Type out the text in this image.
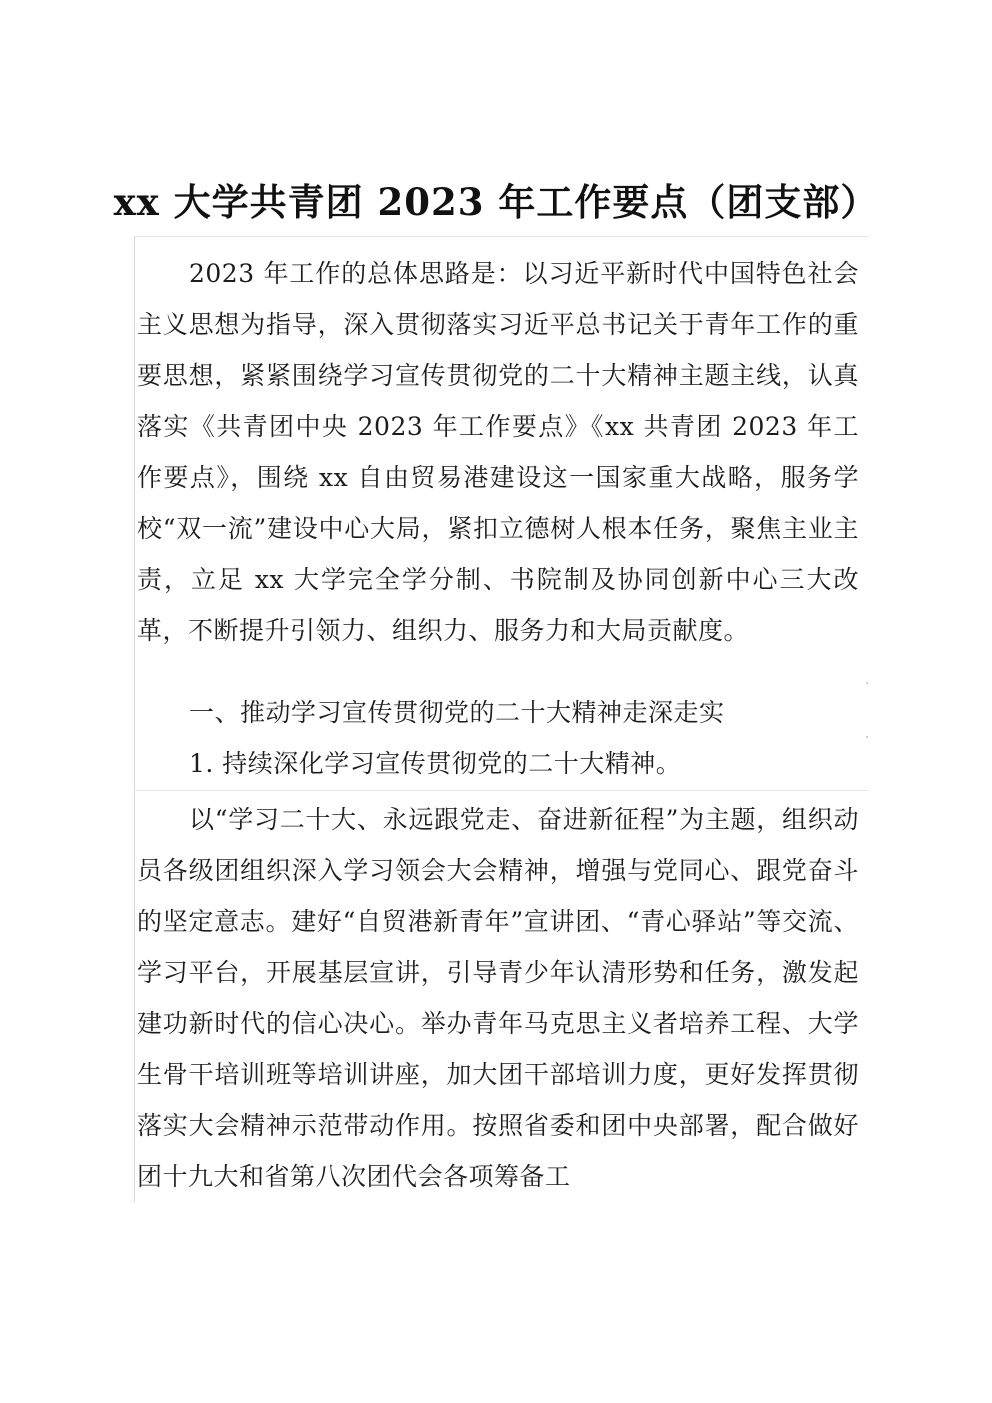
xx 大学共青团 2023 年工作要点（团支部）

2023 年工作的总体思路是：以习近平新时代中国特色社会主义思想为指导，深入贯彻落实习近平总书记关于青年工作的重要思想，紧紧围绕学习宣传贯彻党的二十大精神主题主线，认真落实《共青团中央 2023 年工作要点》《xx 共青团 2023 年工作要点》，围绕 xx 自由贸易港建设这一国家重大战略，服务学校“双一流”建设中心大局，紧扣立德树人根本任务，聚焦主业主责，立足 xx 大学完全学分制、书院制及协同创新中心三大改革，不断提升引领力、组织力、服务力和大局贡献度。

一、推动学习宣传贯彻党的二十大精神走深走实

1. 持续深化学习宣传贯彻党的二十大精神。

以“学习二十大、永远跟党走、奋进新征程”为主题，组织动员各级团组织深入学习领会大会精神，增强与党同心、跟党奋斗的坚定意志。建好“自贸港新青年”宣讲团、“青心驿站”等交流、学习平台，开展基层宣讲，引导青少年认清形势和任务，激发起建功新时代的信心决心。举办青年马克思主义者培养工程、大学生骨干培训班等培训讲座，加大团干部培训力度，更好发挥贯彻落实大会精神示范带动作用。按照省委和团中央部署，配合做好团十九大和省第八次团代会各项筹备工
